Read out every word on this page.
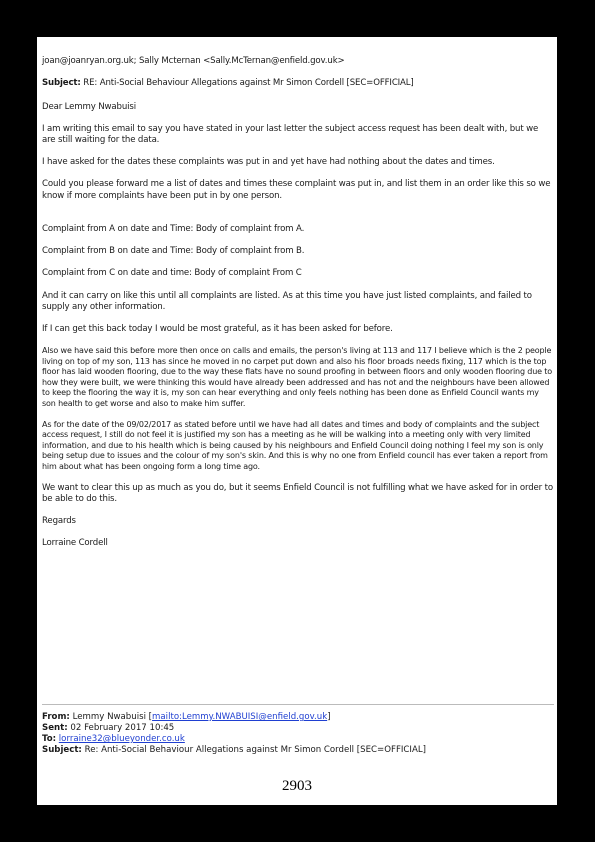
joan@joanryan.org.uk; Sally Mcternan <Sally.McTernan@enfield.gov.uk>

Subject: RE: Anti-Social Behaviour Allegations against Mr Simon Cordell [SEC=OFFICIAL]

Dear Lemmy Nwabuisi

I am writing this email to say you have stated in your last letter the subject access request has been dealt with, but we are still waiting for the data.

I have asked for the dates these complaints was put in and yet have had nothing about the dates and times.

Could you please forward me a list of dates and times these complaint was put in, and list them in an order like this so we know if more complaints have been put in by one person.

Complaint from A on date and Time: Body of complaint from A.

Complaint from B on date and Time: Body of complaint from B.

Complaint from C on date and time: Body of complaint From C

And it can carry on like this until all complaints are listed. As at this time you have just listed complaints, and failed to supply any other information.

If I can get this back today I would be most grateful, as it has been asked for before.

Also we have said this before more then once on calls and emails, the person's living at 113 and 117 I believe which is the 2 people living on top of my son, 113 has since he moved in no carpet put down and also his floor broads needs fixing, 117 which is the top floor has laid wooden flooring, due to the way these flats have no sound proofing in between floors and only wooden flooring due to how they were built, we were thinking this would have already been addressed and has not and the neighbours have been allowed to keep the flooring the way it is, my son can hear everything and only feels nothing has been done as Enfield Council wants my son health to get worse and also to make him suffer.

As for the date of the 09/02/2017 as stated before until we have had all dates and times and body of complaints and the subject access request, I still do not feel it is justified my son has a meeting as he will be walking into a meeting only with very limited information, and due to his health which is being caused by his neighbours and Enfield Council doing nothing I feel my son is only being setup due to issues and the colour of my son's skin. And this is why no one from Enfield council has ever taken a report from him about what has been ongoing form a long time ago.

We want to clear this up as much as you do, but it seems Enfield Council is not fulfilling what we have asked for in order to be able to do this.

Regards

Lorraine Cordell

From: Lemmy Nwabuisi [mailto:Lemmy.NWABUISI@enfield.gov.uk]

Sent: 02 February 2017 10:45

To: lorraine32@blueyonder.co.uk

Subject: Re: Anti-Social Behaviour Allegations against Mr Simon Cordell [SEC=OFFICIAL]

2903
